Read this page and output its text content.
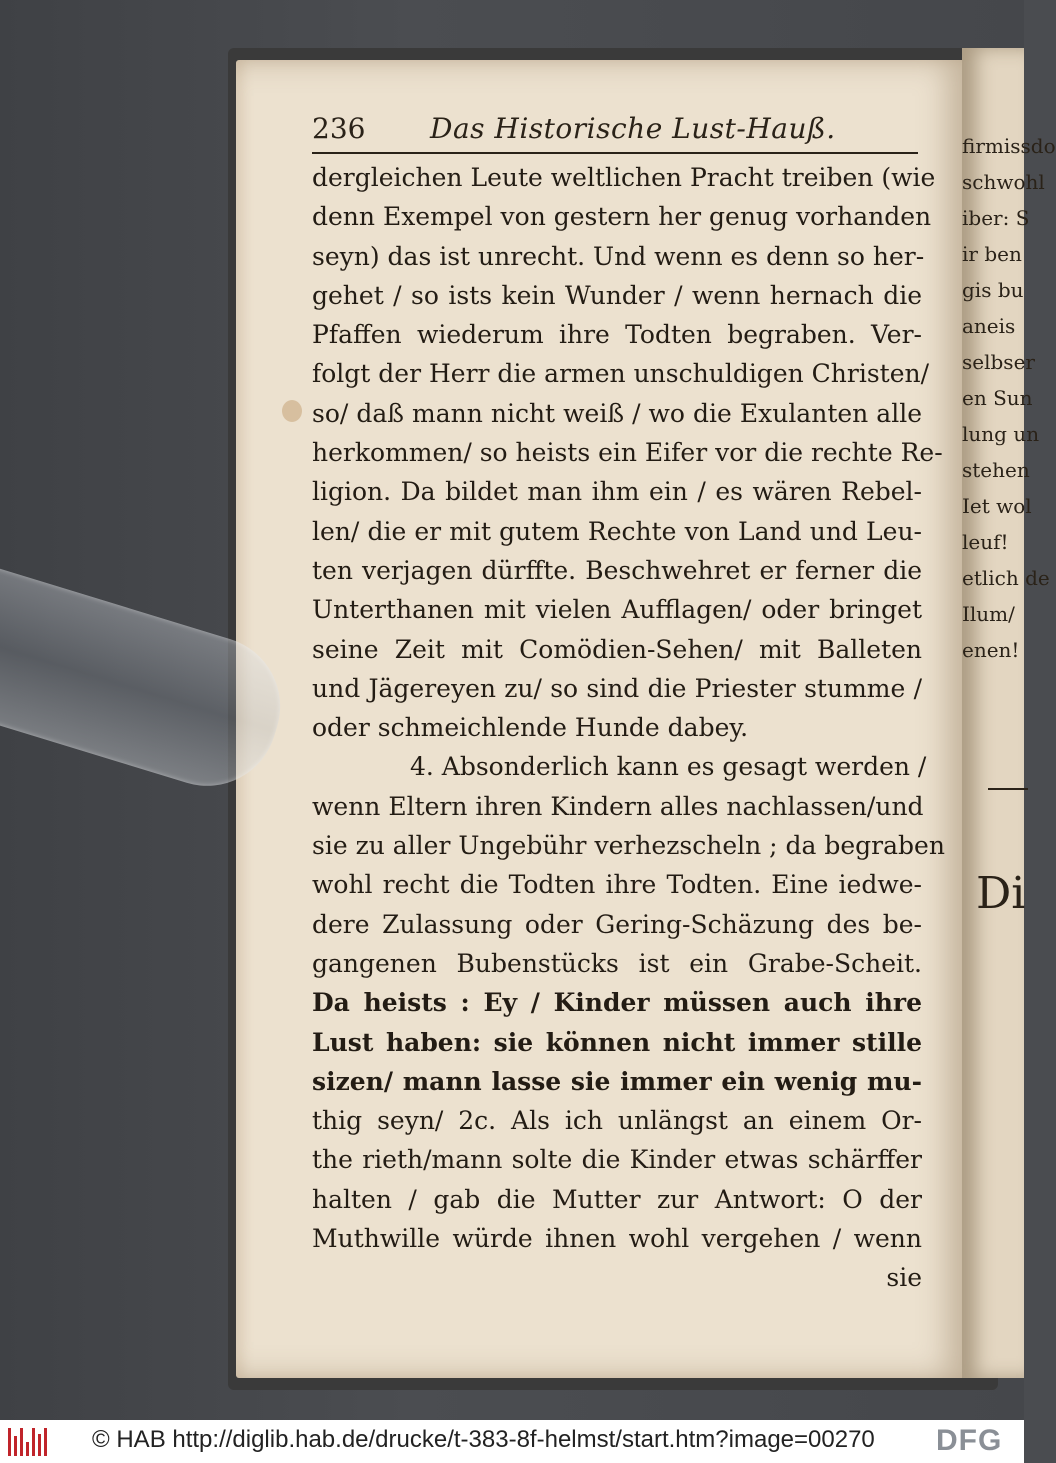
firmissdo
schwohl
iber: S
ir ben
gis bu
aneis
selbser
en Sun
lung un
stehen
Iet wol
leuf!
etlich de
Ilum/
enen!
Di
236 Das Historische Lust-Hauß.
dergleichen Leute weltlichen Pracht treiben (wie
denn Exempel von gestern her genug vorhanden
seyn) das ist unrecht. Und wenn es denn so her-
gehet / so ists kein Wunder / wenn hernach die
Pfaffen wiederum ihre Todten begraben. Ver-
folgt der Herr die armen unschuldigen Christen/
so/ daß mann nicht weiß / wo die Exulanten alle
herkommen/ so heists ein Eifer vor die rechte Re-
ligion. Da bildet man ihm ein / es wären Rebel-
len/ die er mit gutem Rechte von Land und Leu-
ten verjagen dürffte. Beschwehret er ferner die
Unterthanen mit vielen Aufflagen/ oder bringet
seine Zeit mit Comödien-Sehen/ mit Balleten
und Jägereyen zu/ so sind die Priester stumme /
oder schmeichlende Hunde dabey.
4. Absonderlich kann es gesagt werden /
wenn Eltern ihren Kindern alles nachlassen/und
sie zu aller Ungebühr verhezscheln ; da begraben
wohl recht die Todten ihre Todten. Eine iedwe-
dere Zulassung oder Gering-Schäzung des be-
gangenen Bubenstücks ist ein Grabe-Scheit.
Da heists : Ey / Kinder müssen auch ihre
Lust haben: sie können nicht immer stille
sizen/ mann lasse sie immer ein wenig mu-
thig seyn/ 2c. Als ich unlängst an einem Or-
the rieth/mann solte die Kinder etwas schärffer
halten / gab die Mutter zur Antwort: O der
Muthwille würde ihnen wohl vergehen / wenn
sie
© HAB http://diglib.hab.de/drucke/t-383-8f-helmst/start.htm?image=00270 DFG
